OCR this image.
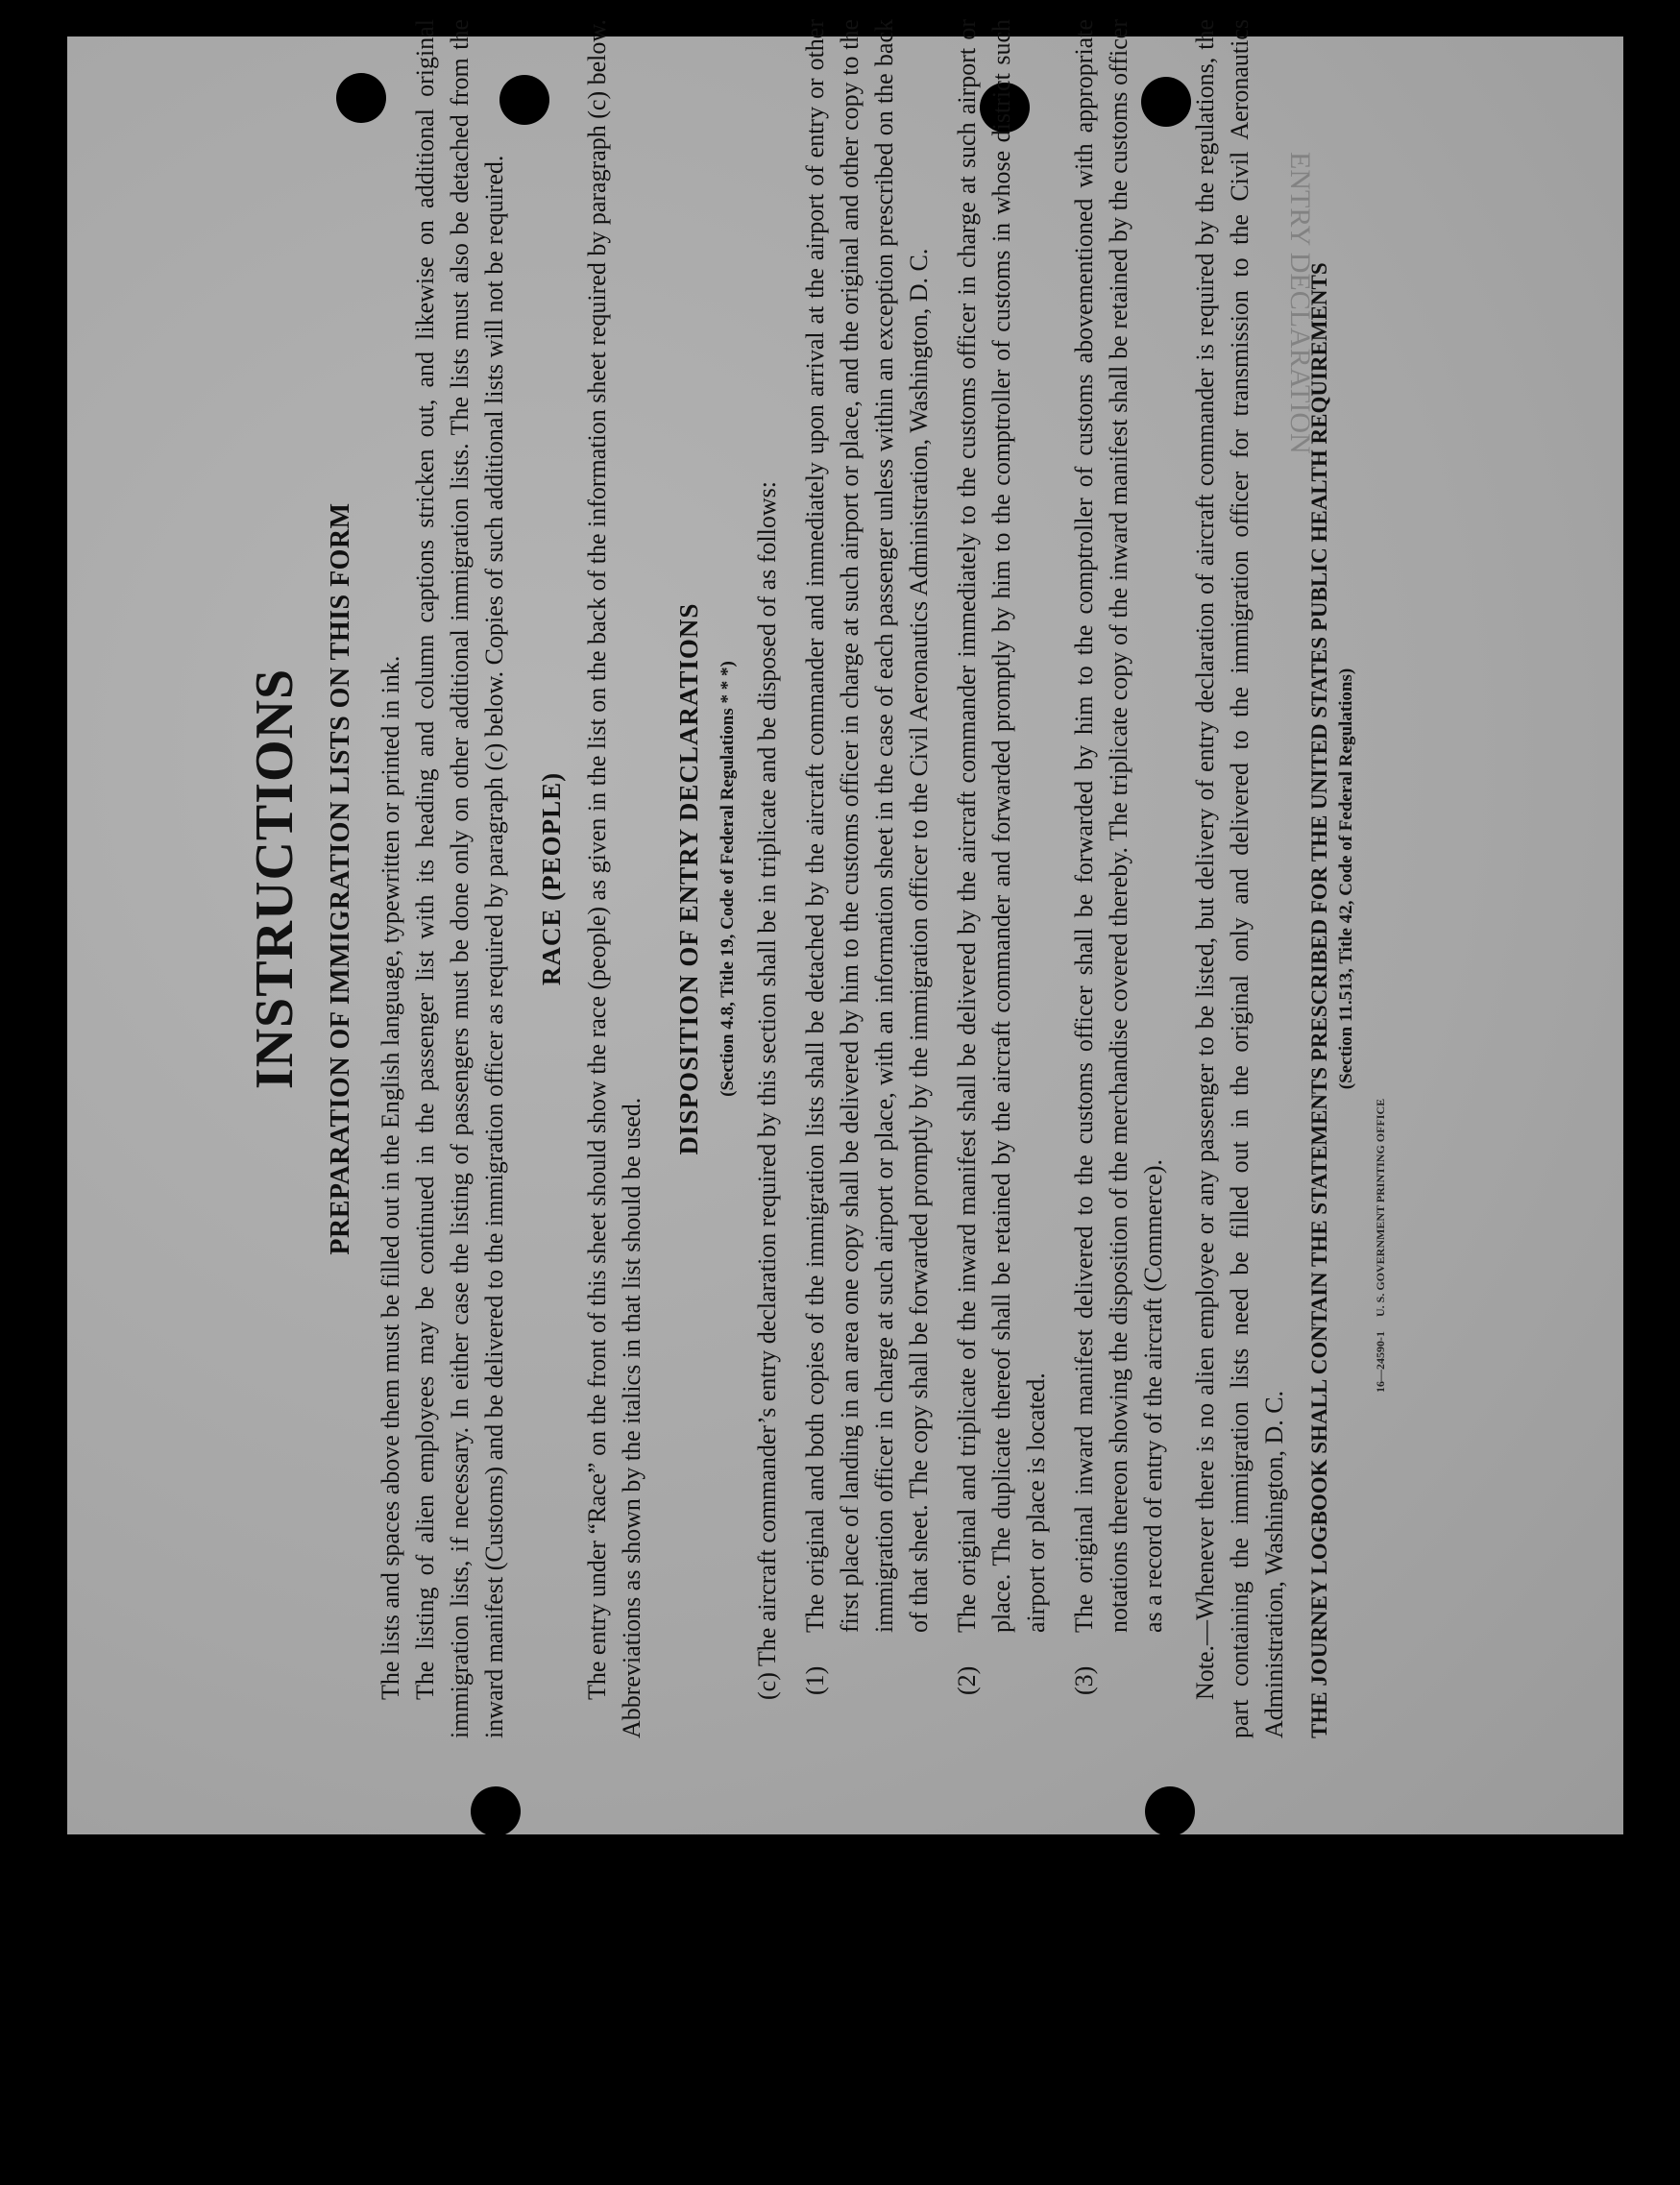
ENTRY DECLARATION
INSTRUCTIONS PREPARATION OF IMMIGRATION LISTS ON THIS FORM The lists and spaces above them must be filled out in the English language, typewritten or printed in ink. The listing of alien employees may be continued in the passenger list with its heading and column captions stricken out, and likewise on additional original immigration lists, if necessary. In either case the listing of passengers must be done only on other additional immigration lists. The lists must also be detached from the inward manifest (Customs) and be delivered to the immigration officer as required by paragraph (c) below. Copies of such additional lists will not be required. RACE (PEOPLE) The entry under “Race” on the front of this sheet should show the race (people) as given in the list on the back of the information sheet required by paragraph (c) below. Abbreviations as shown by the italics in that list should be used.

DISPOSITION OF ENTRY DECLARATIONS (Section 4.8, Title 19, Code of Federal Regulations * * *) (c) The aircraft commander’s entry declaration required by this section shall be in triplicate and be disposed of as follows: (1)
The original and both copies of the immigration lists shall be detached by the aircraft commander and immediately upon arrival at the airport of entry or other first place of landing in an area one copy shall be delivered by him to the customs officer in charge at such airport or place, and the original and other copy to the immigration officer in charge at such airport or place, with an information sheet in the case of each passenger unless within an exception prescribed on the back of that sheet. The copy shall be forwarded promptly by the immigration officer to the Civil Aeronautics Administration, Washington, D. C.
(2)
The original and triplicate of the inward manifest shall be delivered by the aircraft commander immediately to the customs officer in charge at such airport or place. The duplicate thereof shall be retained by the aircraft commander and forwarded promptly by him to the comptroller of customs in whose district such airport or place is located.
(3)
The original inward manifest delivered to the customs officer shall be forwarded by him to the comptroller of customs abovementioned with appropriate notations thereon showing the disposition of the merchandise covered thereby. The triplicate copy of the inward manifest shall be retained by the customs officer as a record of entry of the aircraft (Commerce). Note.—Whenever there is no alien employee or any passenger to be listed, but delivery of entry declaration of aircraft commander is required by the regulations, the part containing the immigration lists need be filled out in the original only and delivered to the immigration officer for transmission to the Civil Aeronautics Administration, Washington, D. C. THE JOURNEY LOGBOOK SHALL CONTAIN THE STATEMENTS PRESCRIBED FOR THE UNITED STATES PUBLIC HEALTH REQUIREMENTS (Section 11.513, Title 42, Code of Federal Regulations)
16—24590-1     U. S. GOVERNMENT PRINTING OFFICE
